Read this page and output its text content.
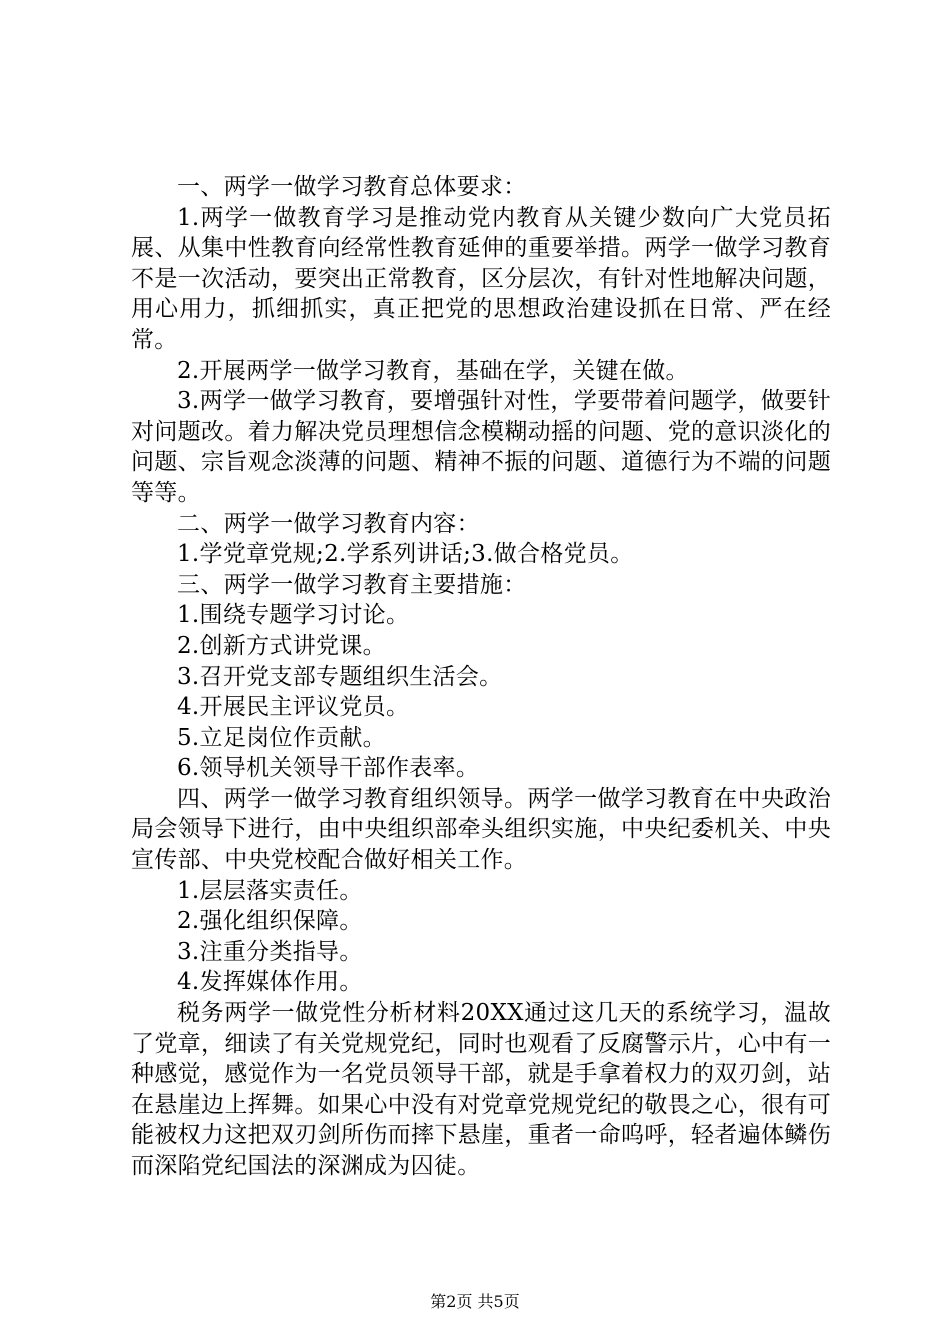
一、两学一做学习教育总体要求：

1.两学一做教育学习是推动党内教育从关键少数向广大党员拓展、从集中性教育向经常性教育延伸的重要举措。两学一做学习教育不是一次活动，要突出正常教育，区分层次，有针对性地解决问题，用心用力，抓细抓实，真正把党的思想政治建设抓在日常、严在经常。

2.开展两学一做学习教育，基础在学，关键在做。

3.两学一做学习教育，要增强针对性，学要带着问题学，做要针对问题改。着力解决党员理想信念模糊动摇的问题、党的意识淡化的问题、宗旨观念淡薄的问题、精神不振的问题、道德行为不端的问题等等。

二、两学一做学习教育内容：

1.学党章党规;2.学系列讲话;3.做合格党员。

三、两学一做学习教育主要措施：

1.围绕专题学习讨论。

2.创新方式讲党课。

3.召开党支部专题组织生活会。

4.开展民主评议党员。

5.立足岗位作贡献。

6.领导机关领导干部作表率。

四、两学一做学习教育组织领导。两学一做学习教育在中央政治局会领导下进行，由中央组织部牵头组织实施，中央纪委机关、中央宣传部、中央党校配合做好相关工作。

1.层层落实责任。

2.强化组织保障。

3.注重分类指导。

4.发挥媒体作用。

税务两学一做党性分析材料20XX通过这几天的系统学习，温故了党章，细读了有关党规党纪，同时也观看了反腐警示片，心中有一种感觉，感觉作为一名党员领导干部，就是手拿着权力的双刃剑，站在悬崖边上挥舞。如果心中没有对党章党规党纪的敬畏之心，很有可能被权力这把双刃剑所伤而摔下悬崖，重者一命呜呼，轻者遍体鳞伤而深陷党纪国法的深渊成为囚徒。

第2页 共5页
